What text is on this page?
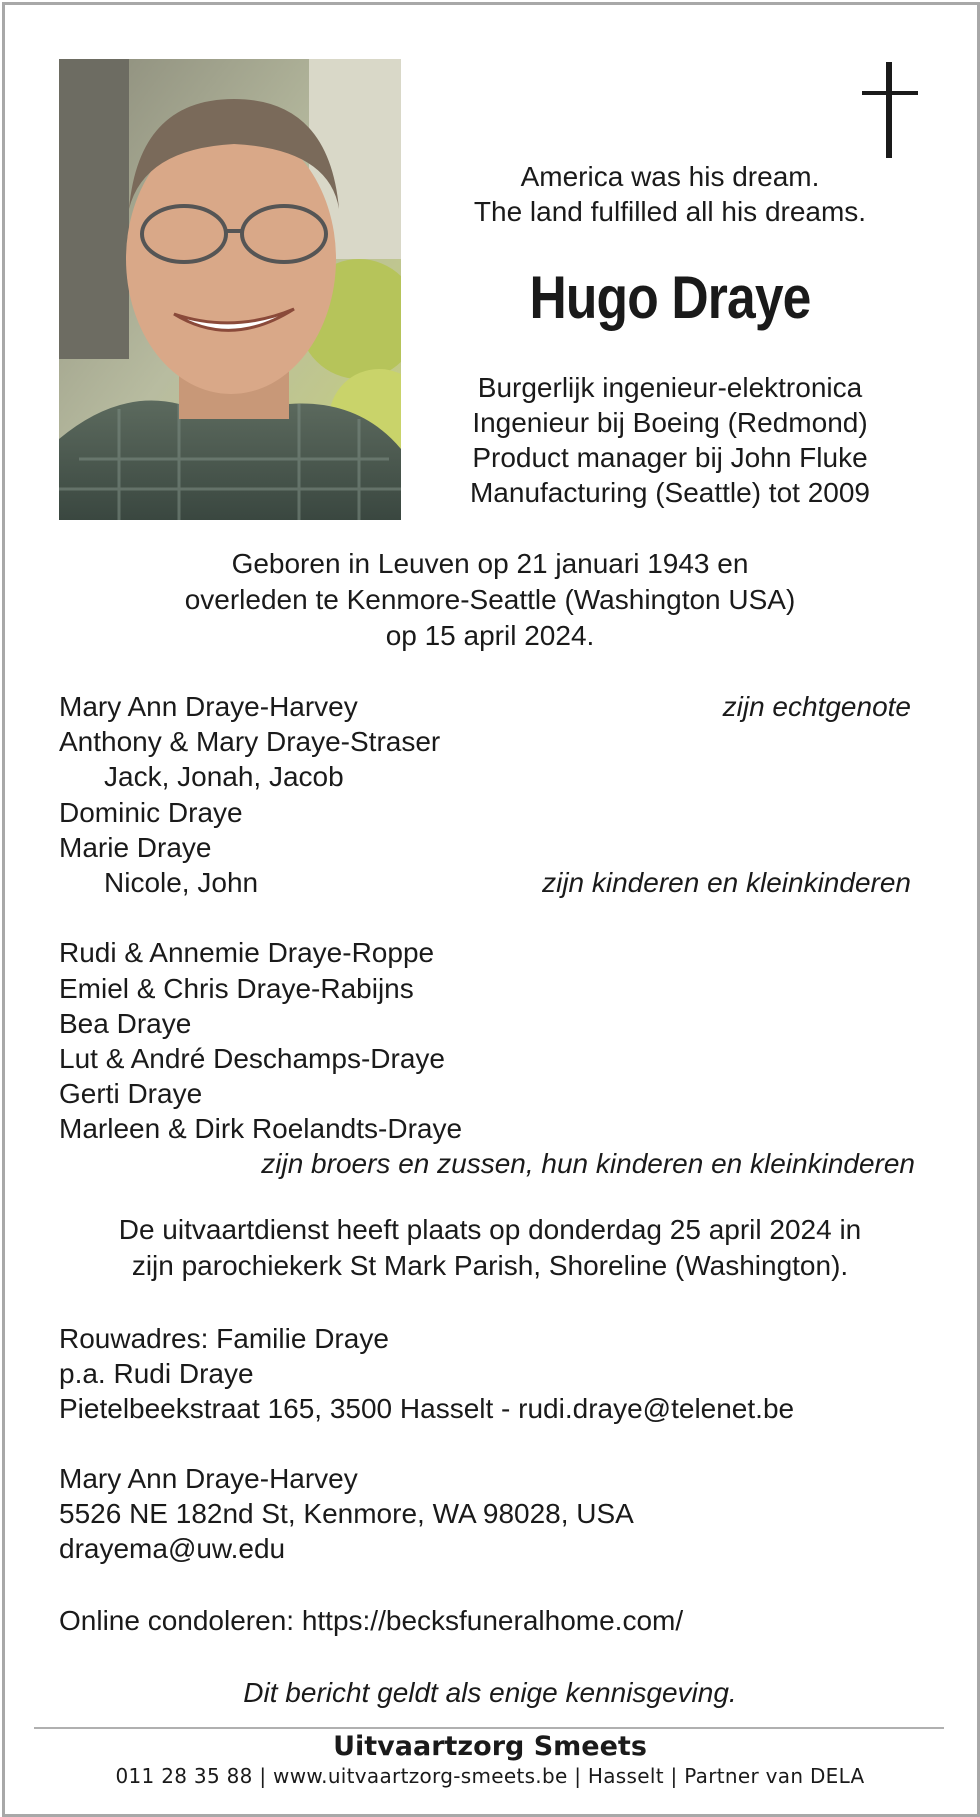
America was his dream.
The land fulfilled all his dreams.
Hugo Draye
Burgerlijk ingenieur-elektronica
Ingenieur bij Boeing (Redmond)
Product manager bij John Fluke
Manufacturing (Seattle) tot 2009
Geboren in Leuven op 21 januari 1943 en
overleden te Kenmore-Seattle (Washington USA)
op 15 april 2024.
Mary Ann Draye-Harvey	zijn echtgenote
Anthony & Mary Draye-Straser
Jack, Jonah, Jacob
Dominic Draye
Marie Draye
Nicole, John	zijn kinderen en kleinkinderen
Rudi & Annemie Draye-Roppe
Emiel & Chris Draye-Rabijns
Bea Draye
Lut & André Deschamps-Draye
Gerti Draye
Marleen & Dirk Roelandts-Draye
zijn broers en zussen, hun kinderen en kleinkinderen
De uitvaartdienst heeft plaats op donderdag 25 april 2024 in
zijn parochiekerk St Mark Parish, Shoreline (Washington).
Rouwadres: Familie Draye
p.a. Rudi Draye
Pietelbeekstraat 165, 3500 Hasselt - rudi.draye@telenet.be
Mary Ann Draye-Harvey
5526 NE 182nd St, Kenmore, WA 98028, USA
drayema@uw.edu
Online condoleren: https://becksfuneralhome.com/
Dit bericht geldt als enige kennisgeving.
Uitvaartzorg Smeets
011 28 35 88 | www.uitvaartzorg-smeets.be | Hasselt | Partner van DELA
